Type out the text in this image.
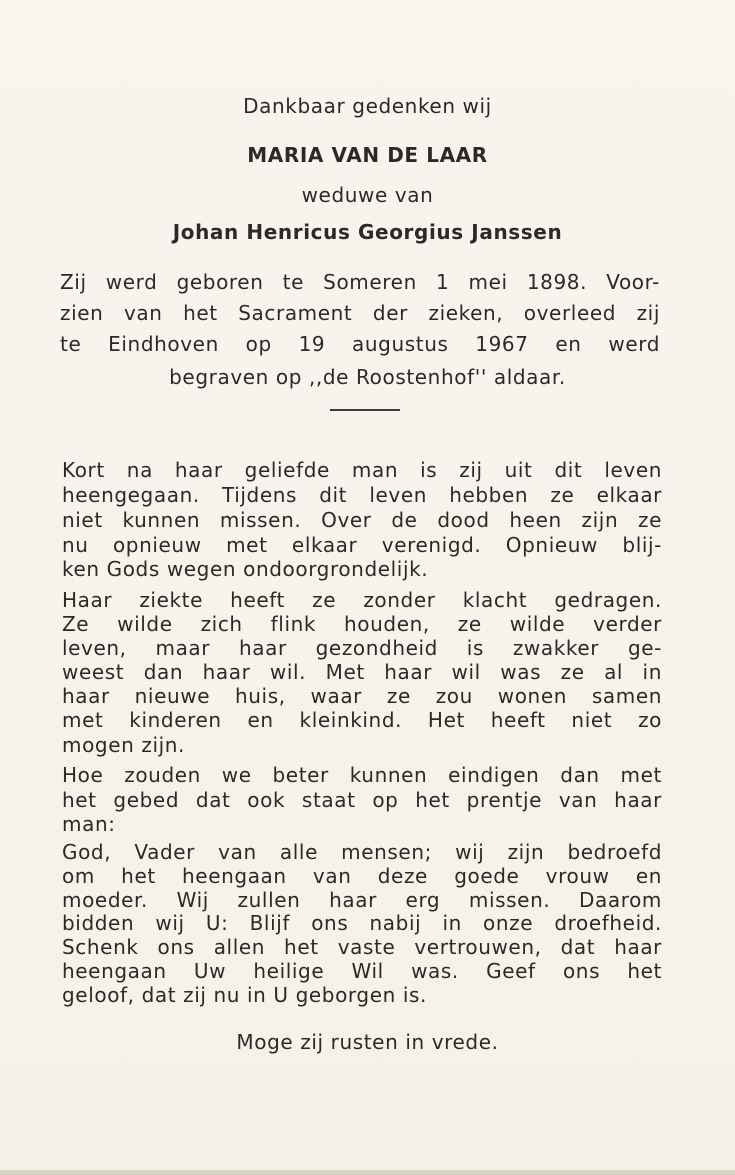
Dankbaar gedenken wij
MARIA VAN DE LAAR
weduwe van
Johan Henricus Georgius Janssen
Zij werd geboren te Someren 1 mei 1898. Voor-
zien van het Sacrament der zieken, overleed zij
te Eindhoven op 19 augustus 1967 en werd
begraven op ,,de Roostenhof'' aldaar.
Kort na haar geliefde man is zij uit dit leven
heengegaan. Tijdens dit leven hebben ze elkaar
niet kunnen missen. Over de dood heen zijn ze
nu opnieuw met elkaar verenigd. Opnieuw blij-
ken Gods wegen ondoorgrondelijk.
Haar ziekte heeft ze zonder klacht gedragen.
Ze wilde zich flink houden, ze wilde verder
leven, maar haar gezondheid is zwakker ge-
weest dan haar wil. Met haar wil was ze al in
haar nieuwe huis, waar ze zou wonen samen
met kinderen en kleinkind. Het heeft niet zo
mogen zijn.
Hoe zouden we beter kunnen eindigen dan met
het gebed dat ook staat op het prentje van haar
man:
God, Vader van alle mensen; wij zijn bedroefd
om het heengaan van deze goede vrouw en
moeder. Wij zullen haar erg missen. Daarom
bidden wij U: Blijf ons nabij in onze droefheid.
Schenk ons allen het vaste vertrouwen, dat haar
heengaan Uw heilige Wil was. Geef ons het
geloof, dat zij nu in U geborgen is.
Moge zij rusten in vrede.
